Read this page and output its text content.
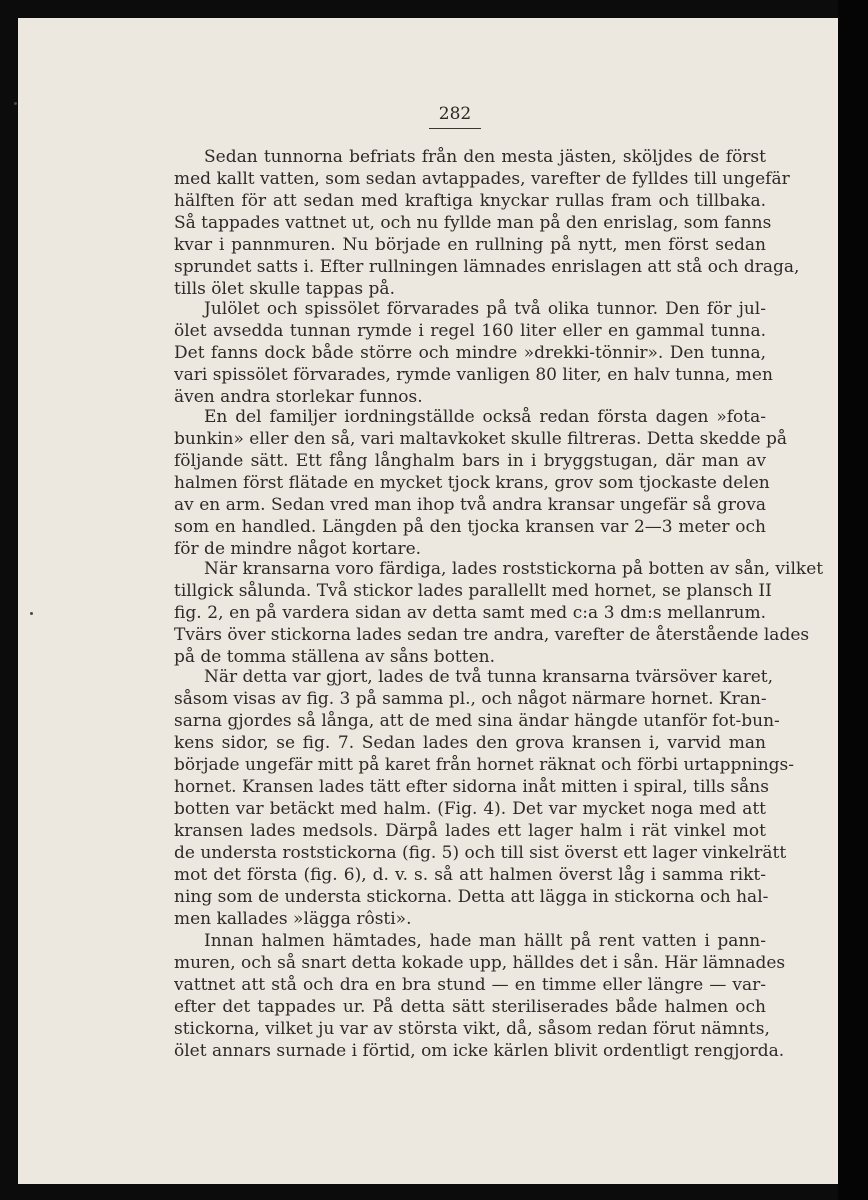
282
Sedan tunnorna befriats från den mesta jästen, sköljdes de först
med kallt vatten, som sedan avtappades, varefter de fylldes till ungefär
hälften för att sedan med kraftiga knyckar rullas fram och tillbaka.
Så tappades vattnet ut, och nu fyllde man på den enrislag, som fanns
kvar i pannmuren. Nu började en rullning på nytt, men först sedan
sprundet satts i. Efter rullningen lämnades enrislagen att stå och draga,
tills ölet skulle tappas på.
Julölet och spissölet förvarades på två olika tunnor. Den för jul-
ölet avsedda tunnan rymde i regel 160 liter eller en gammal tunna.
Det fanns dock både större och mindre »drekki-tönnir». Den tunna,
vari spissölet förvarades, rymde vanligen 80 liter, en halv tunna, men
även andra storlekar funnos.
En del familjer iordningställde också redan första dagen »fota-
bunkin» eller den så, vari maltavkoket skulle filtreras. Detta skedde på
följande sätt. Ett fång långhalm bars in i bryggstugan, där man av
halmen först flätade en mycket tjock krans, grov som tjockaste delen
av en arm. Sedan vred man ihop två andra kransar ungefär så grova
som en handled. Längden på den tjocka kransen var 2—3 meter och
för de mindre något kortare.
När kransarna voro färdiga, lades roststickorna på botten av sån, vilket
tillgick sålunda. Två stickor lades parallellt med hornet, se plansch II
fig. 2, en på vardera sidan av detta samt med c:a 3 dm:s mellanrum.
Tvärs över stickorna lades sedan tre andra, varefter de återstående lades
på de tomma ställena av såns botten.
När detta var gjort, lades de två tunna kransarna tvärsöver karet,
såsom visas av fig. 3 på samma pl., och något närmare hornet. Kran-
sarna gjordes så långa, att de med sina ändar hängde utanför fot-bun-
kens sidor, se fig. 7. Sedan lades den grova kransen i, varvid man
började ungefär mitt på karet från hornet räknat och förbi urtappnings-
hornet. Kransen lades tätt efter sidorna inåt mitten i spiral, tills såns
botten var betäckt med halm. (Fig. 4). Det var mycket noga med att
kransen lades medsols. Därpå lades ett lager halm i rät vinkel mot
de understa roststickorna (fig. 5) och till sist överst ett lager vinkelrätt
mot det första (fig. 6), d. v. s. så att halmen överst låg i samma rikt-
ning som de understa stickorna. Detta att lägga in stickorna och hal-
men kallades »lägga rôsti».
Innan halmen hämtades, hade man hällt på rent vatten i pann-
muren, och så snart detta kokade upp, hälldes det i sån. Här lämnades
vattnet att stå och dra en bra stund — en timme eller längre — var-
efter det tappades ur. På detta sätt steriliserades både halmen och
stickorna, vilket ju var av största vikt, då, såsom redan förut nämnts,
ölet annars surnade i förtid, om icke kärlen blivit ordentligt rengjorda.
